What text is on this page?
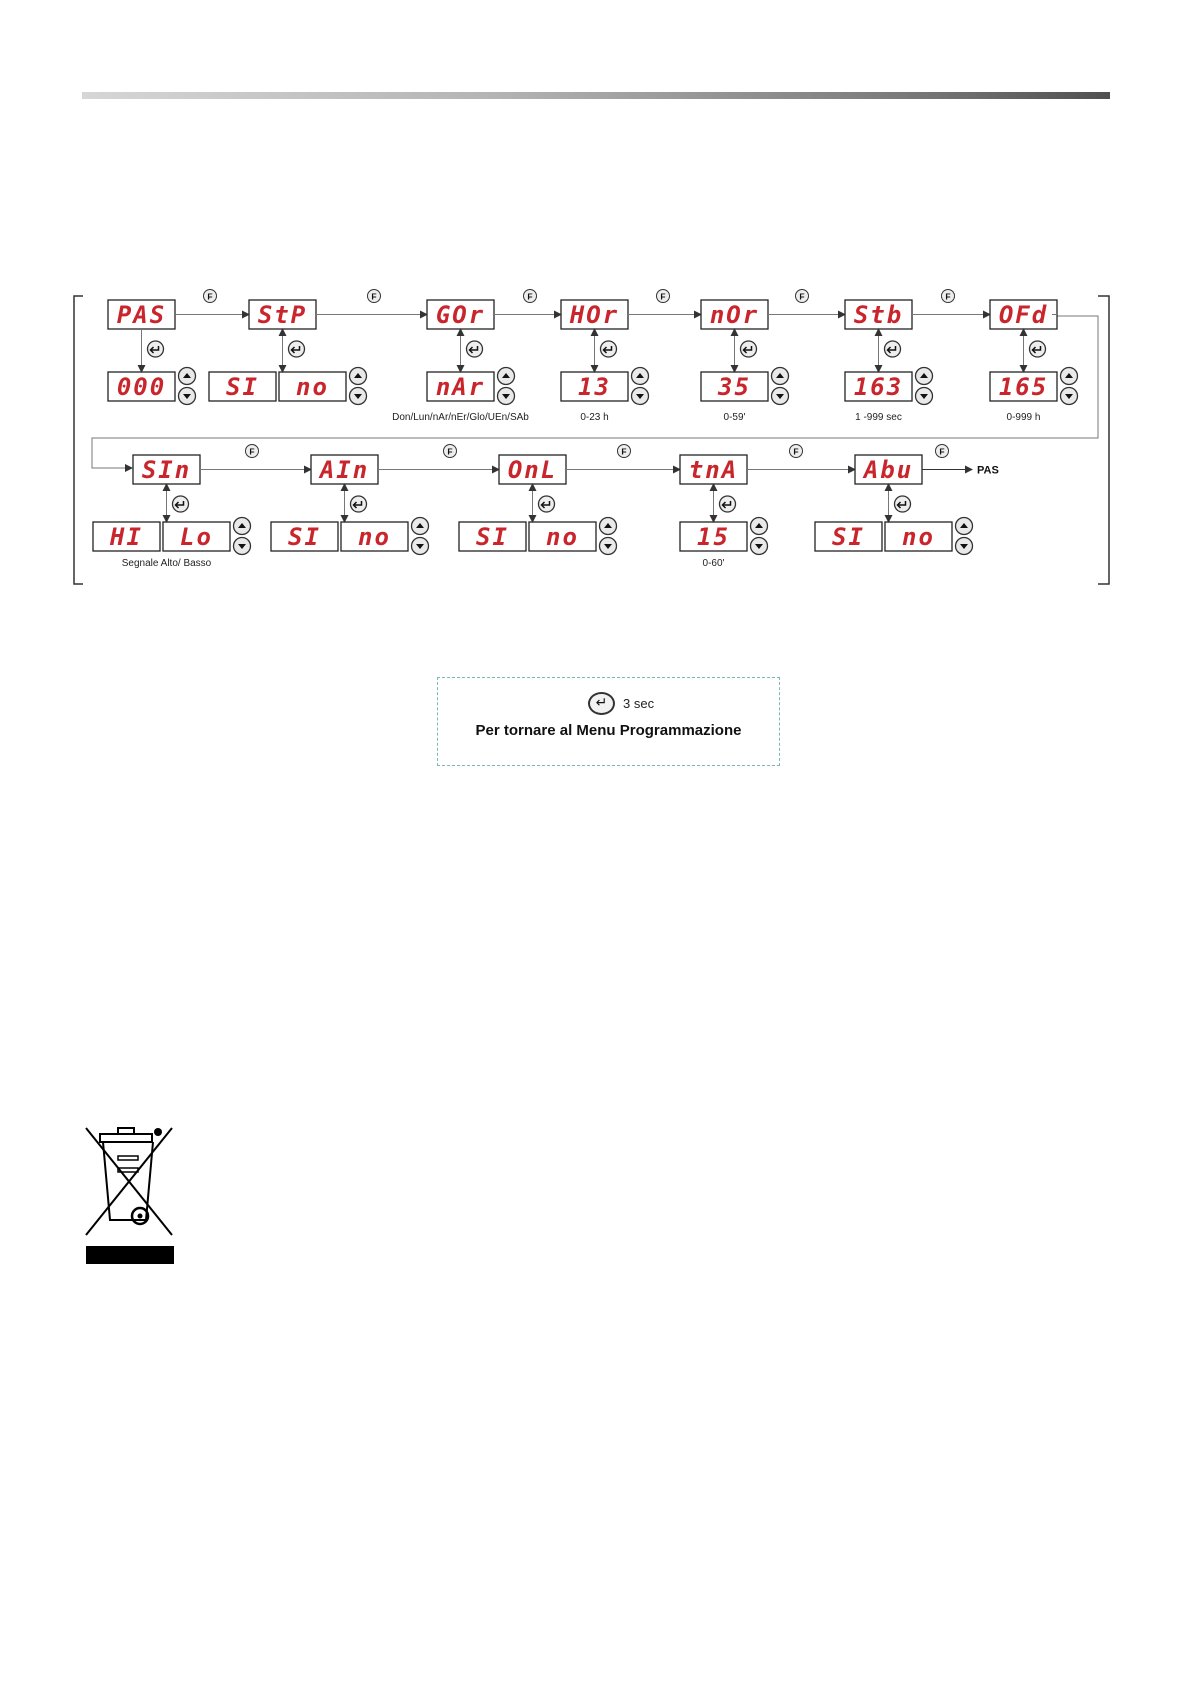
PAS
F
000
StP
F
SI no
GOr
F
nAr
Don/Lun/nAr/nEr/Glo/UEn/SAb
HOr
F
13
0-23 h
nOr
F
35
0-59'
Stb
F
163
1 -999 sec
OFd
165
0-999 h
SIn
F
HI Lo
Segnale Alto/ Basso
AIn
F
SI no
OnL
F
SI no
tnA
F
15
0-60'
Abu
F
PAS
SI no
↵	3 sec
Per tornare al Menu Programmazione
